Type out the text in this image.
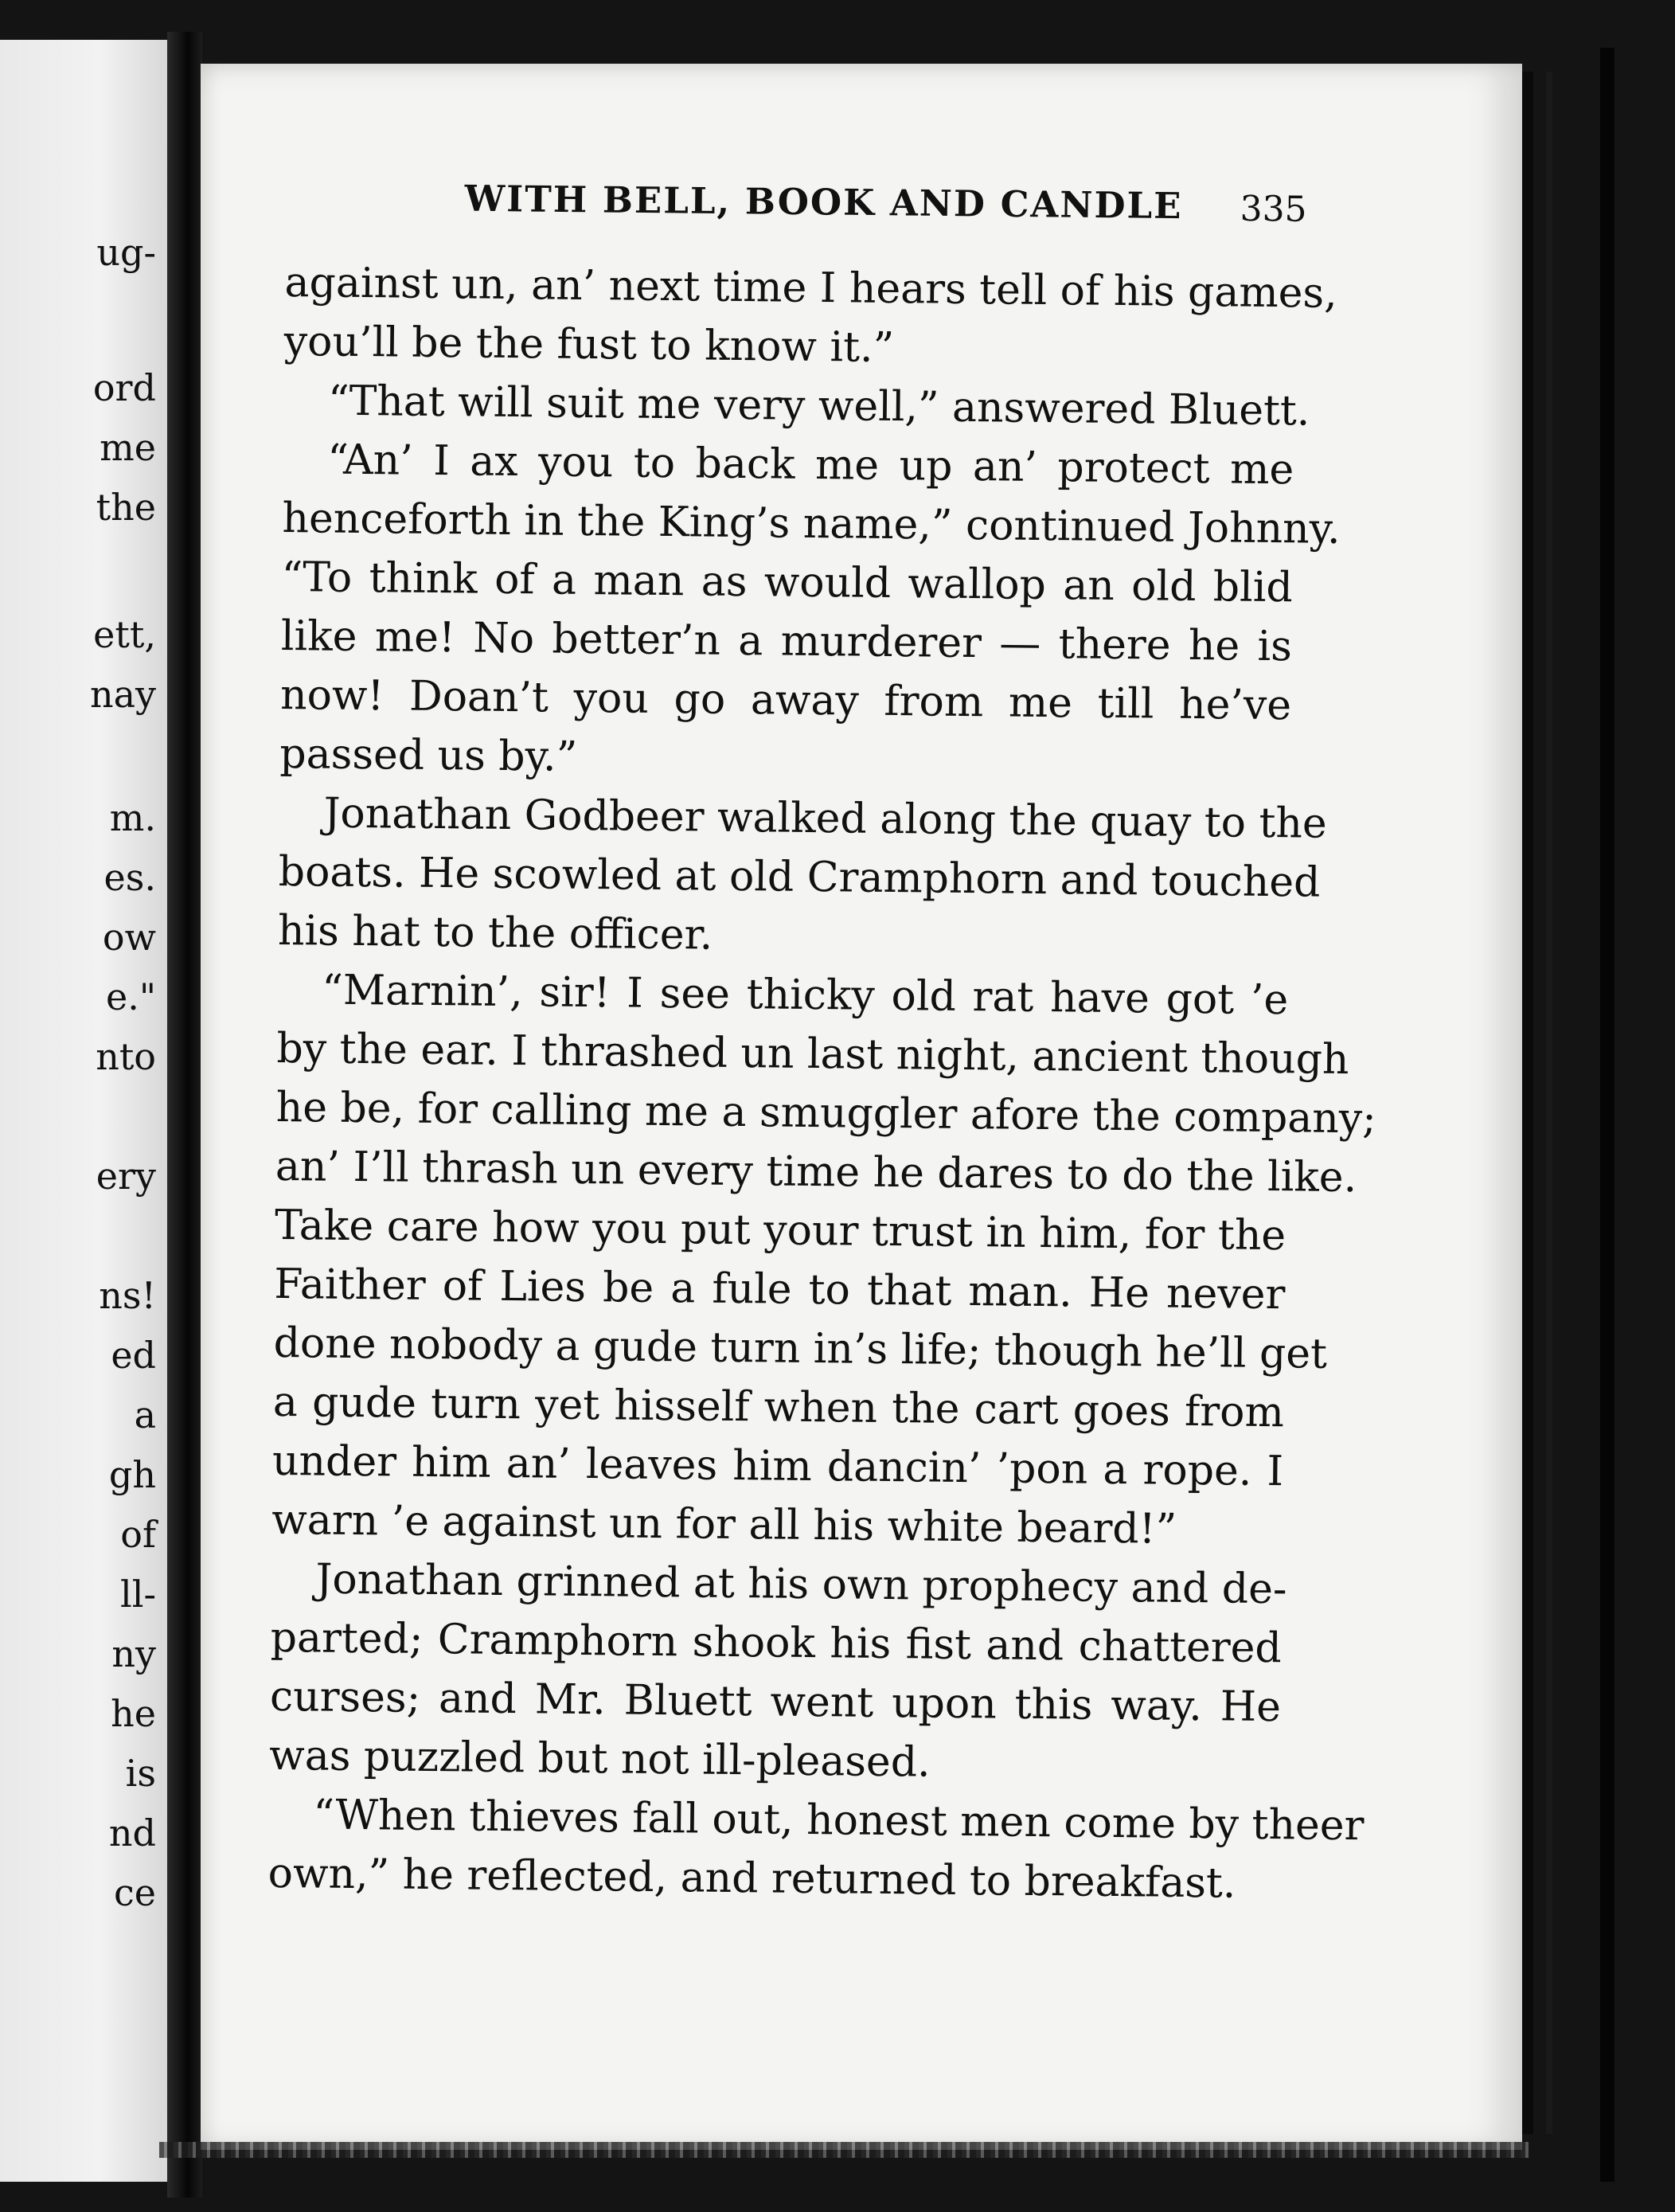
ug-
ord
me
the
ett,
nay
m.
es.
ow
e."
nto
ery
ns!
ed
a
gh
of
ll-
ny
he
is
nd
ce
WITH BELL, BOOK AND CANDLE 335
against un, an’ next time I hears tell of his games,
you’ll be the fust to know it.”
“That will suit me very well,” answered Bluett.
“An’ I ax you to back me up an’ protect me
henceforth in the King’s name,” continued Johnny.
“To think of a man as would wallop an old blid
like me! No better’n a murderer — there he is
now! Doan’t you go away from me till he’ve
passed us by.”
Jonathan Godbeer walked along the quay to the
boats. He scowled at old Cramphorn and touched
his hat to the officer.
“Marnin’, sir! I see thicky old rat have got ’e
by the ear. I thrashed un last night, ancient though
he be, for calling me a smuggler afore the company;
an’ I’ll thrash un every time he dares to do the like.
Take care how you put your trust in him, for the
Faither of Lies be a fule to that man. He never
done nobody a gude turn in’s life; though he’ll get
a gude turn yet hisself when the cart goes from
under him an’ leaves him dancin’ ’pon a rope. I
warn ’e against un for all his white beard!”
Jonathan grinned at his own prophecy and de-
parted; Cramphorn shook his fist and chattered
curses; and Mr. Bluett went upon this way. He
was puzzled but not ill-pleased.
“When thieves fall out, honest men come by theer
own,” he reflected, and returned to breakfast.
